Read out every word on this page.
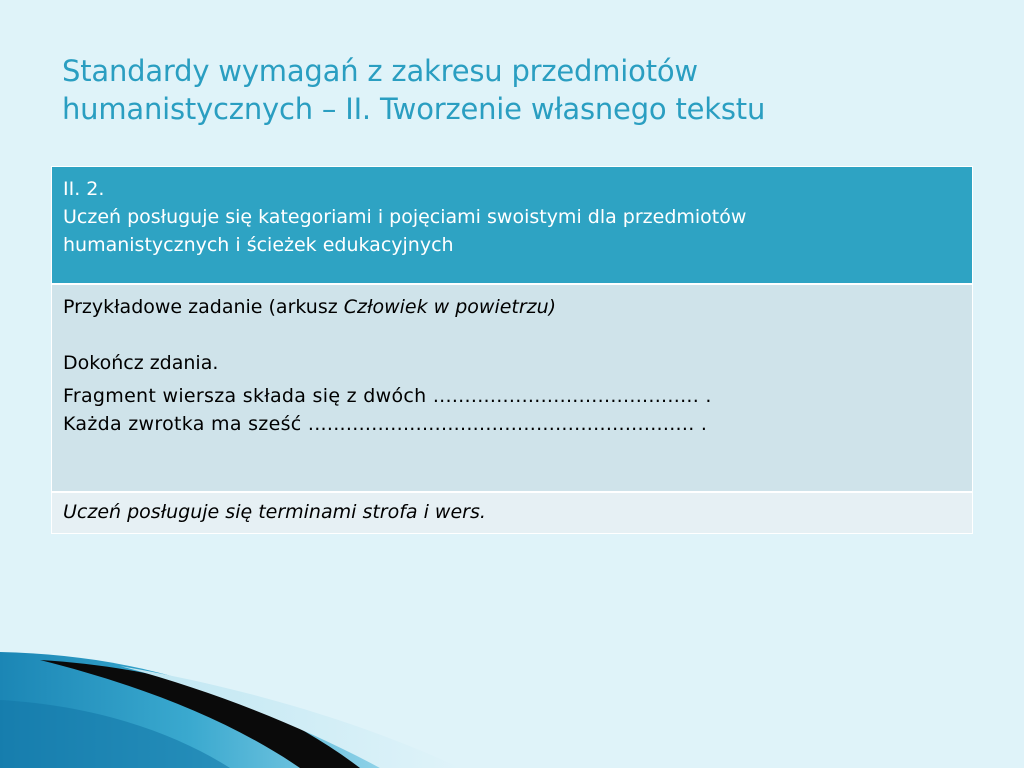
Standardy wymagań z zakresu przedmiotów
humanistycznych – II. Tworzenie własnego tekstu
II. 2.
Uczeń posługuje się kategoriami i pojęciami swoistymi dla przedmiotów
humanistycznych i ścieżek edukacyjnych
Przykładowe zadanie (arkusz Człowiek w powietrzu)
Dokończ zdania.
Fragment wiersza składa się z dwóch .......................................... .
Każda zwrotka ma sześć ............................................................. .
Uczeń posługuje się terminami strofa i wers.
